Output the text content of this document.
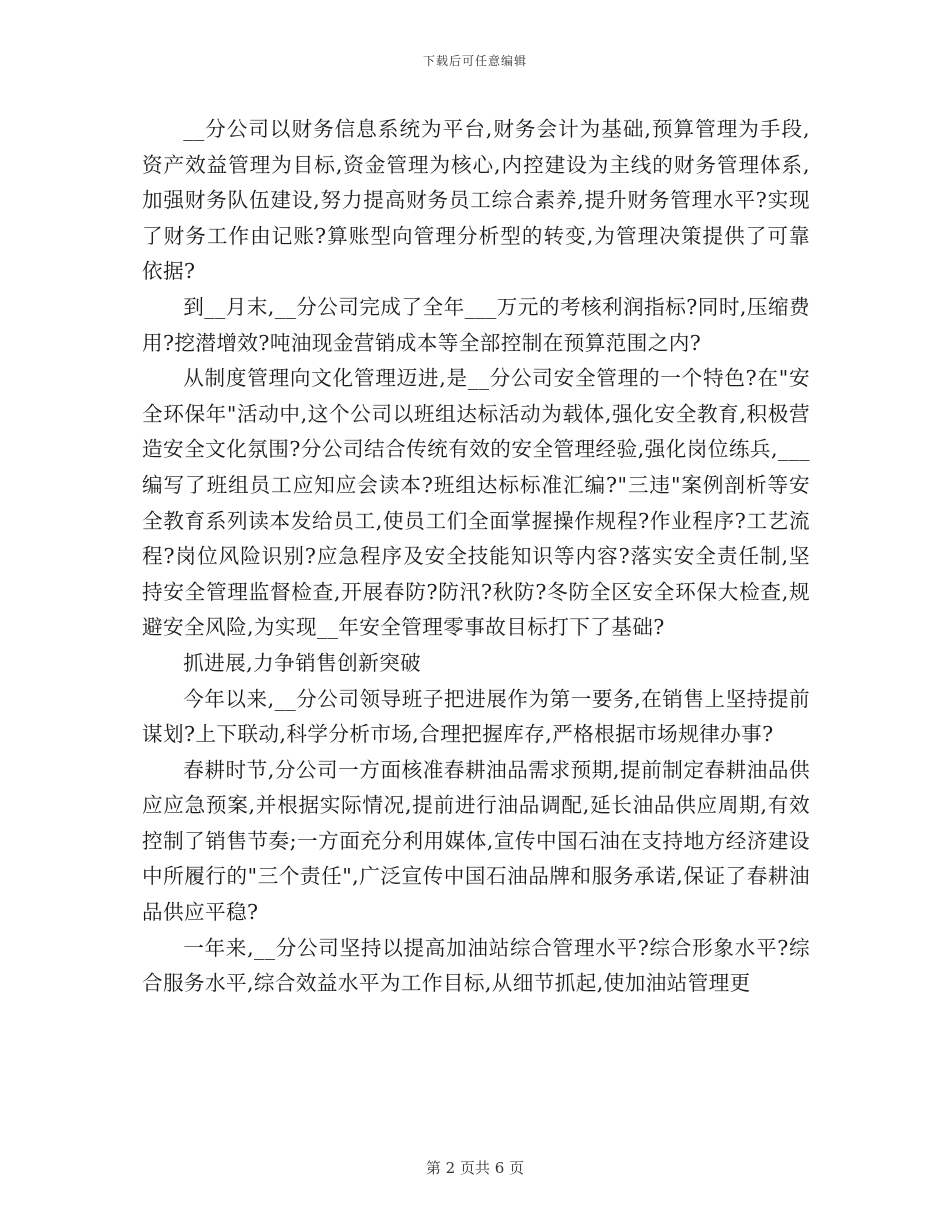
下载后可任意编辑

__分公司以财务信息系统为平台,财务会计为基础,预算管理为手段,资产效益管理为目标,资金管理为核心,内控建设为主线的财务管理体系,加强财务队伍建设,努力提高财务员工综合素养,提升财务管理水平?实现了财务工作由记账?算账型向管理分析型的转变,为管理决策提供了可靠依据?

到__月末,__分公司完成了全年___万元的考核利润指标?同时,压缩费用?挖潜增效?吨油现金营销成本等全部控制在预算范围之内?

从制度管理向文化管理迈进,是__分公司安全管理的一个特色?在"安全环保年"活动中,这个公司以班组达标活动为载体,强化安全教育,积极营造安全文化氛围?分公司结合传统有效的安全管理经验,强化岗位练兵,___编写了班组员工应知应会读本?班组达标标准汇编?"三违"案例剖析等安全教育系列读本发给员工,使员工们全面掌握操作规程?作业程序?工艺流程?岗位风险识别?应急程序及安全技能知识等内容?落实安全责任制,坚持安全管理监督检查,开展春防?防汛?秋防?冬防全区安全环保大检查,规避安全风险,为实现__年安全管理零事故目标打下了基础?

抓进展,力争销售创新突破

今年以来,__分公司领导班子把进展作为第一要务,在销售上坚持提前谋划?上下联动,科学分析市场,合理把握库存,严格根据市场规律办事?

春耕时节,分公司一方面核准春耕油品需求预期,提前制定春耕油品供应应急预案,并根据实际情况,提前进行油品调配,延长油品供应周期,有效控制了销售节奏;一方面充分利用媒体,宣传中国石油在支持地方经济建设中所履行的"三个责任",广泛宣传中国石油品牌和服务承诺,保证了春耕油品供应平稳?

一年来,__分公司坚持以提高加油站综合管理水平?综合形象水平?综合服务水平,综合效益水平为工作目标,从细节抓起,使加油站管理更

第 2 页共 6 页
